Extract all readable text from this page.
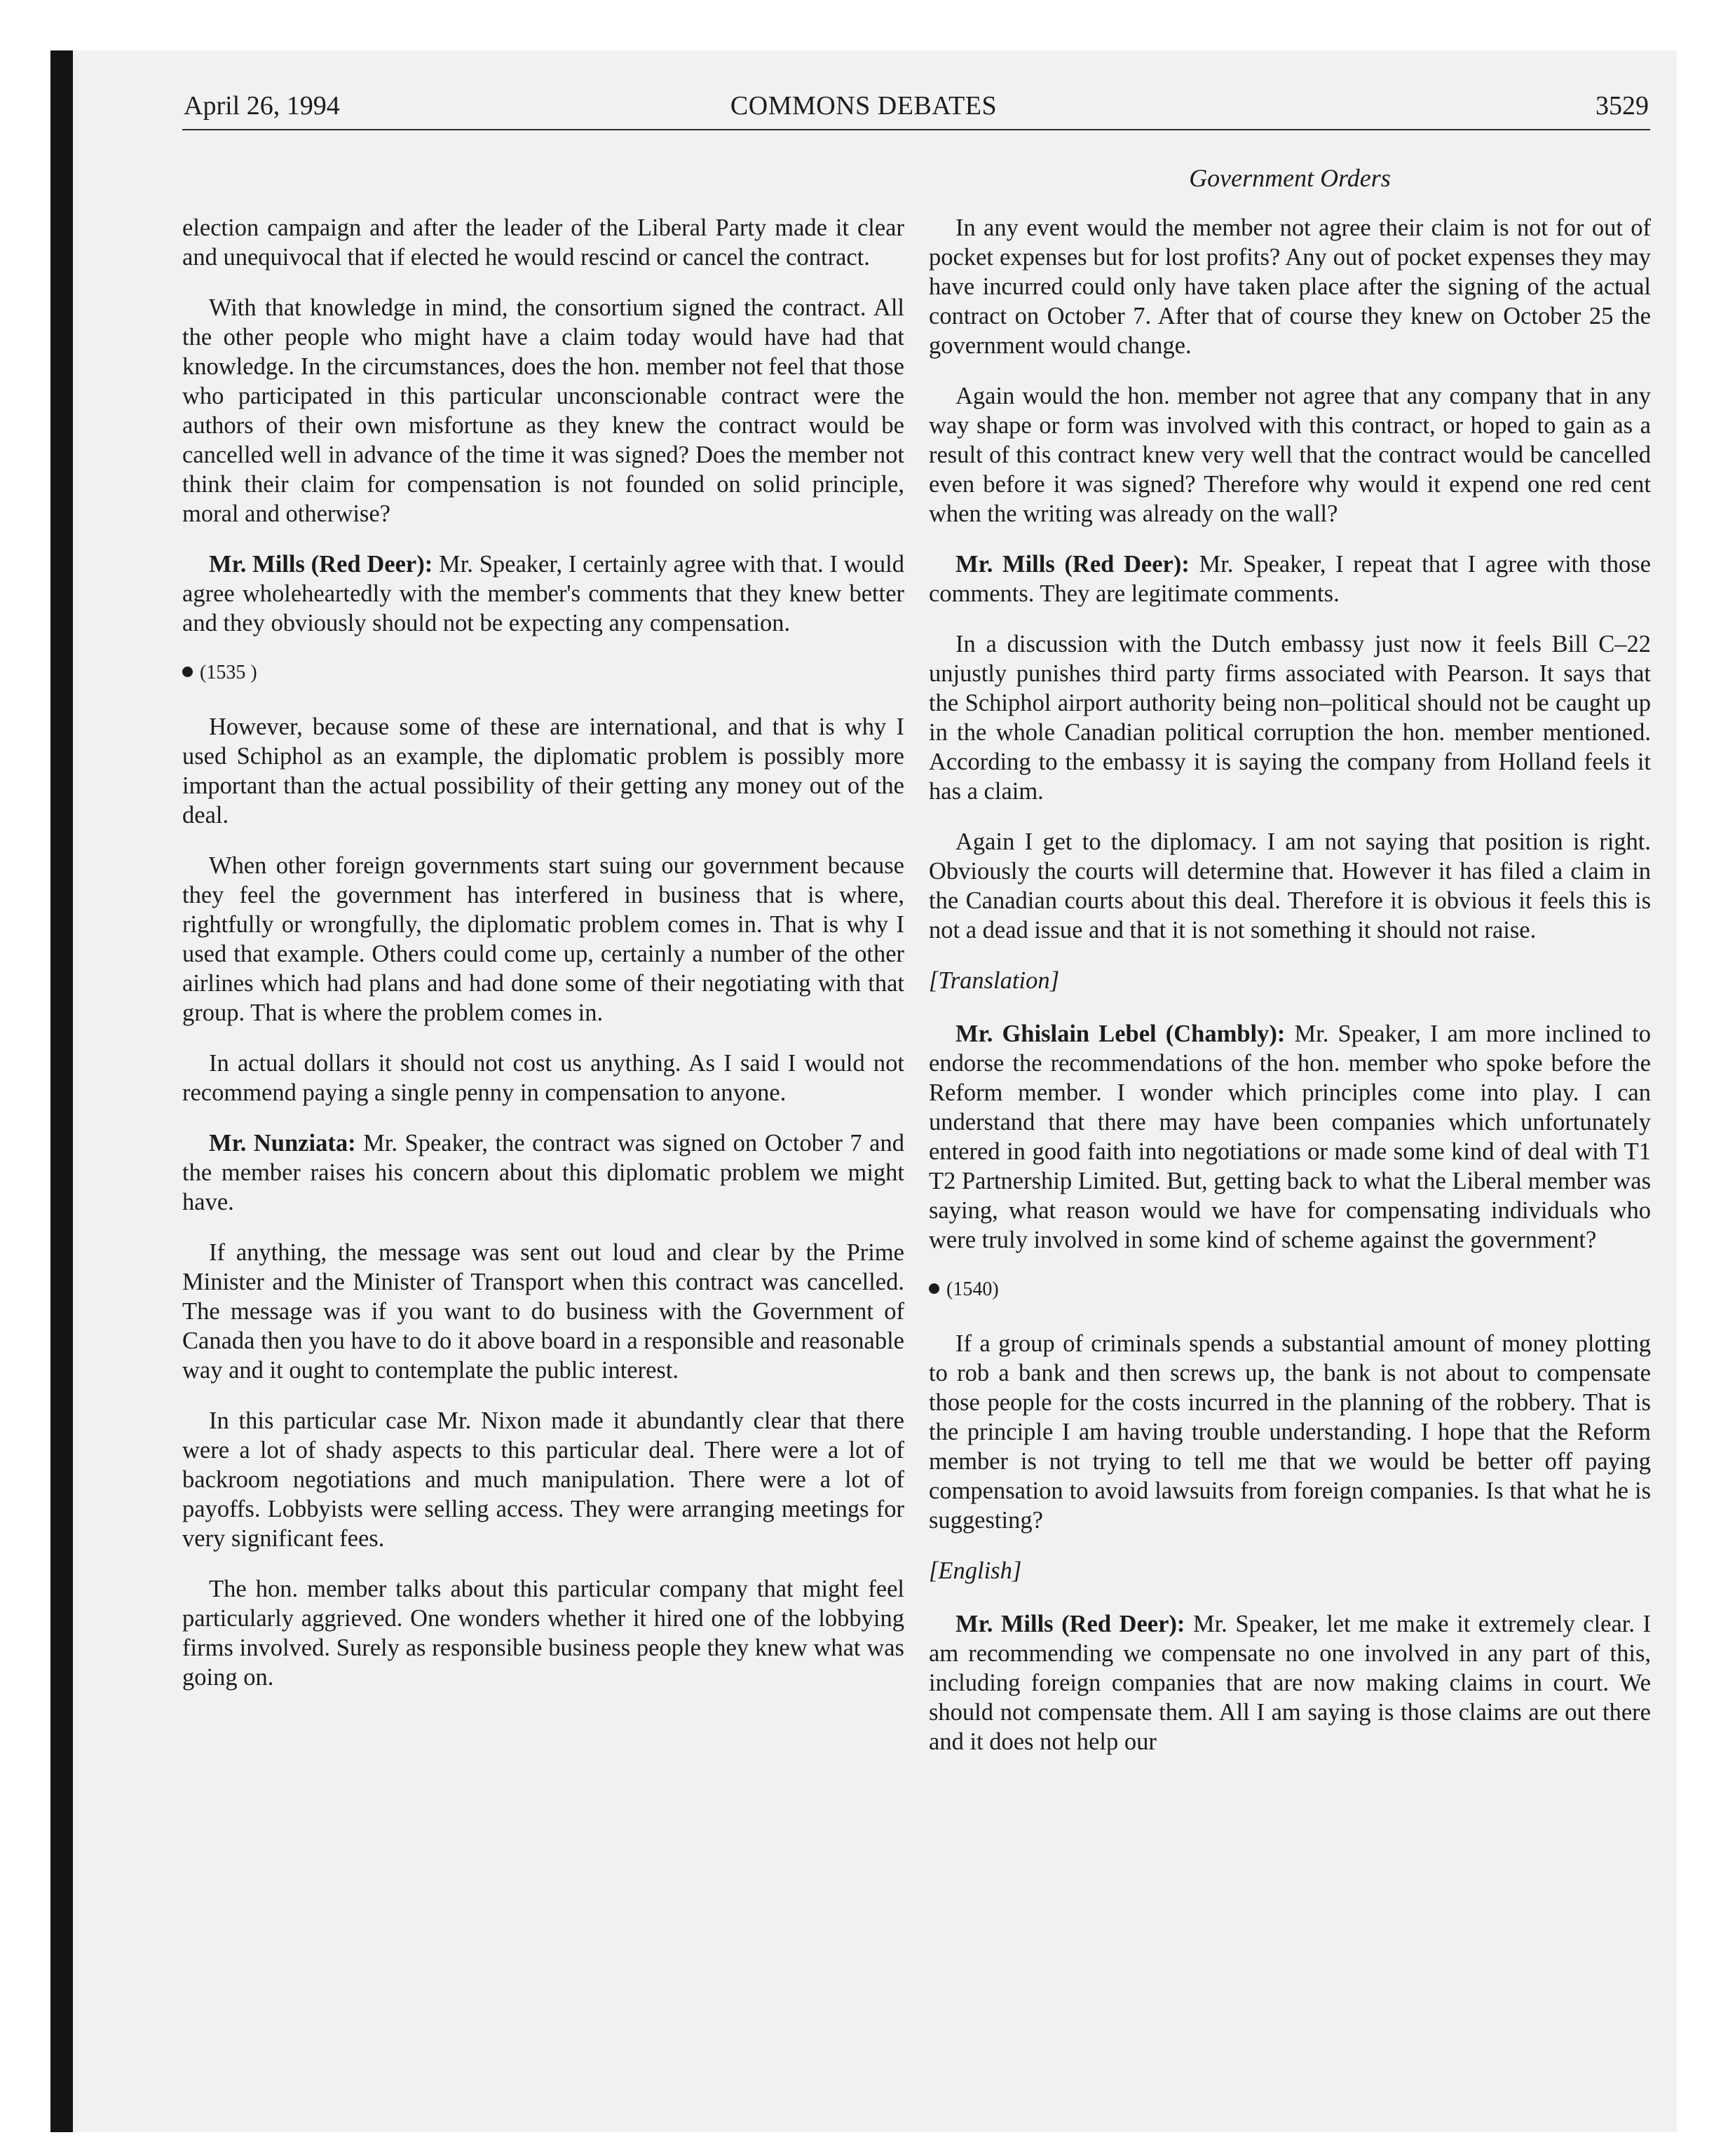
April 26, 1994	COMMONS DEBATES	3529
Government Orders

election campaign and after the leader of the Liberal Party made it clear and unequivocal that if elected he would rescind or cancel the contract.

With that knowledge in mind, the consortium signed the contract. All the other people who might have a claim today would have had that knowledge. In the circumstances, does the hon. member not feel that those who participated in this particular unconscionable contract were the authors of their own misfortune as they knew the contract would be cancelled well in advance of the time it was signed? Does the member not think their claim for compensation is not founded on solid principle, moral and otherwise?

Mr. Mills (Red Deer): Mr. Speaker, I certainly agree with that. I would agree wholeheartedly with the member's comments that they knew better and they obviously should not be expecting any compensation.

(1535 )

However, because some of these are international, and that is why I used Schiphol as an example, the diplomatic problem is possibly more important than the actual possibility of their getting any money out of the deal.

When other foreign governments start suing our government because they feel the government has interfered in business that is where, rightfully or wrongfully, the diplomatic problem comes in. That is why I used that example. Others could come up, certainly a number of the other airlines which had plans and had done some of their negotiating with that group. That is where the problem comes in.

In actual dollars it should not cost us anything. As I said I would not recommend paying a single penny in compensation to anyone.

Mr. Nunziata: Mr. Speaker, the contract was signed on October 7 and the member raises his concern about this diplomatic problem we might have.

If anything, the message was sent out loud and clear by the Prime Minister and the Minister of Transport when this contract was cancelled. The message was if you want to do business with the Government of Canada then you have to do it above board in a responsible and reasonable way and it ought to contemplate the public interest.

In this particular case Mr. Nixon made it abundantly clear that there were a lot of shady aspects to this particular deal. There were a lot of backroom negotiations and much manipulation. There were a lot of payoffs. Lobbyists were selling access. They were arranging meetings for very significant fees.

The hon. member talks about this particular company that might feel particularly aggrieved. One wonders whether it hired one of the lobbying firms involved. Surely as responsible business people they knew what was going on.

In any event would the member not agree their claim is not for out of pocket expenses but for lost profits? Any out of pocket expenses they may have incurred could only have taken place after the signing of the actual contract on October 7. After that of course they knew on October 25 the government would change.

Again would the hon. member not agree that any company that in any way shape or form was involved with this contract, or hoped to gain as a result of this contract knew very well that the contract would be cancelled even before it was signed? Therefore why would it expend one red cent when the writing was already on the wall?

Mr. Mills (Red Deer): Mr. Speaker, I repeat that I agree with those comments. They are legitimate comments.

In a discussion with the Dutch embassy just now it feels Bill C–22 unjustly punishes third party firms associated with Pearson. It says that the Schiphol airport authority being non–political should not be caught up in the whole Canadian political corruption the hon. member mentioned. According to the embassy it is saying the company from Holland feels it has a claim.

Again I get to the diplomacy. I am not saying that position is right. Obviously the courts will determine that. However it has filed a claim in the Canadian courts about this deal. Therefore it is obvious it feels this is not a dead issue and that it is not something it should not raise.

[Translation]

Mr. Ghislain Lebel (Chambly): Mr. Speaker, I am more inclined to endorse the recommendations of the hon. member who spoke before the Reform member. I wonder which principles come into play. I can understand that there may have been companies which unfortunately entered in good faith into negotiations or made some kind of deal with T1 T2 Partnership Limited. But, getting back to what the Liberal member was saying, what reason would we have for compensating individuals who were truly involved in some kind of scheme against the government?

(1540)

If a group of criminals spends a substantial amount of money plotting to rob a bank and then screws up, the bank is not about to compensate those people for the costs incurred in the planning of the robbery. That is the principle I am having trouble understanding. I hope that the Reform member is not trying to tell me that we would be better off paying compensation to avoid lawsuits from foreign companies. Is that what he is suggesting?

[English]

Mr. Mills (Red Deer): Mr. Speaker, let me make it extremely clear. I am recommending we compensate no one involved in any part of this, including foreign companies that are now making claims in court. We should not compensate them. All I am saying is those claims are out there and it does not help our
